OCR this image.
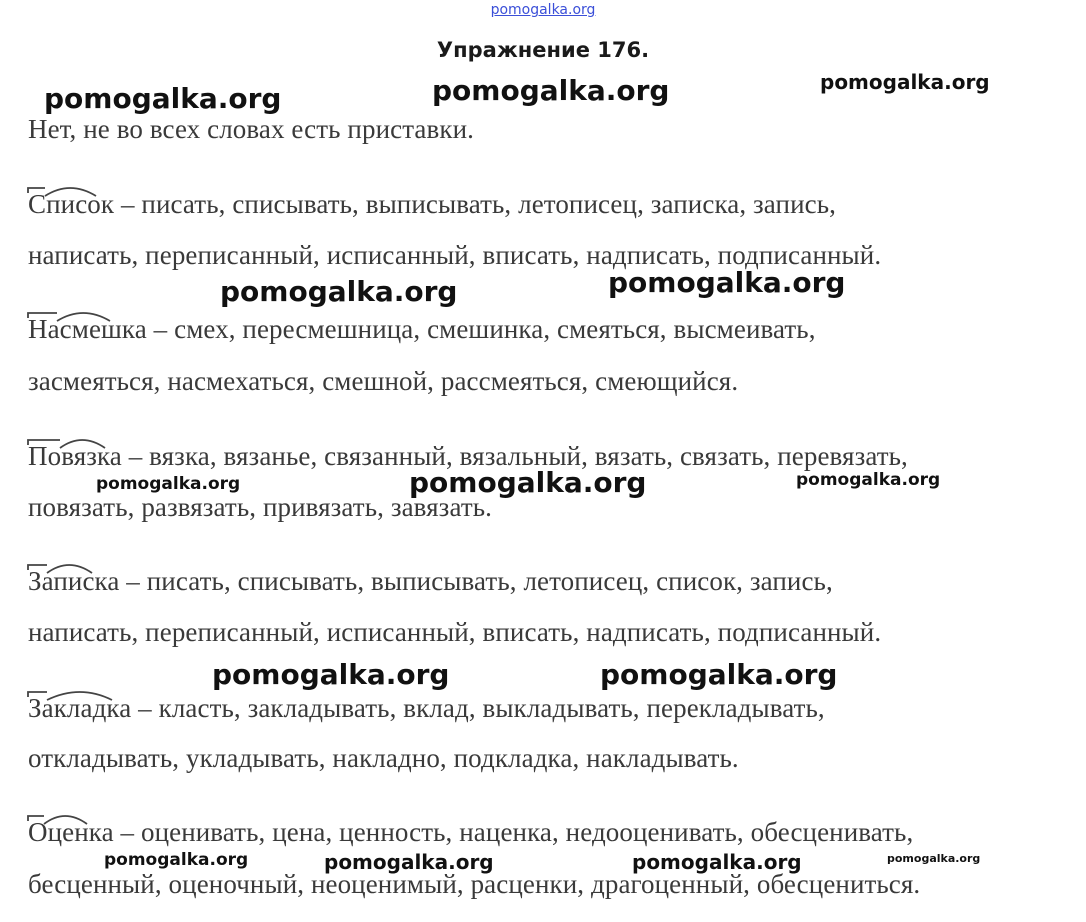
pomogalka.org
Упражнение 176.
Нет, не во всех словах есть приставки.
Список – писать, списывать, выписывать, летописец, записка, запись,
написать, переписанный, исписанный, вписать, надписать, подписанный.
Насмешка – смех, пересмешница, смешинка, смеяться, высмеивать,
засмеяться, насмехаться, смешной, рассмеяться, смеющийся.
Повязка – вязка, вязанье, связанный, вязальный, вязать, связать, перевязать,
повязать, развязать, привязать, завязать.
Записка – писать, списывать, выписывать, летописец, список, запись,
написать, переписанный, исписанный, вписать, надписать, подписанный.
Закладка – класть, закладывать, вклад, выкладывать, перекладывать,
откладывать, укладывать, накладно, подкладка, накладывать.
Оценка – оценивать, цена, ценность, наценка, недооценивать, обесценивать,
бесценный, оценочный, неоценимый, расценки, драгоценный, обесцениться.
pomogalka.org
pomogalka.org	pomogalka.org
pomogalka.org	pomogalka.org
pomogalka.org	pomogalka.org	pomogalka.org
pomogalka.org	pomogalka.org
pomogalka.org	pomogalka.org	pomogalka.org	pomogalka.org
